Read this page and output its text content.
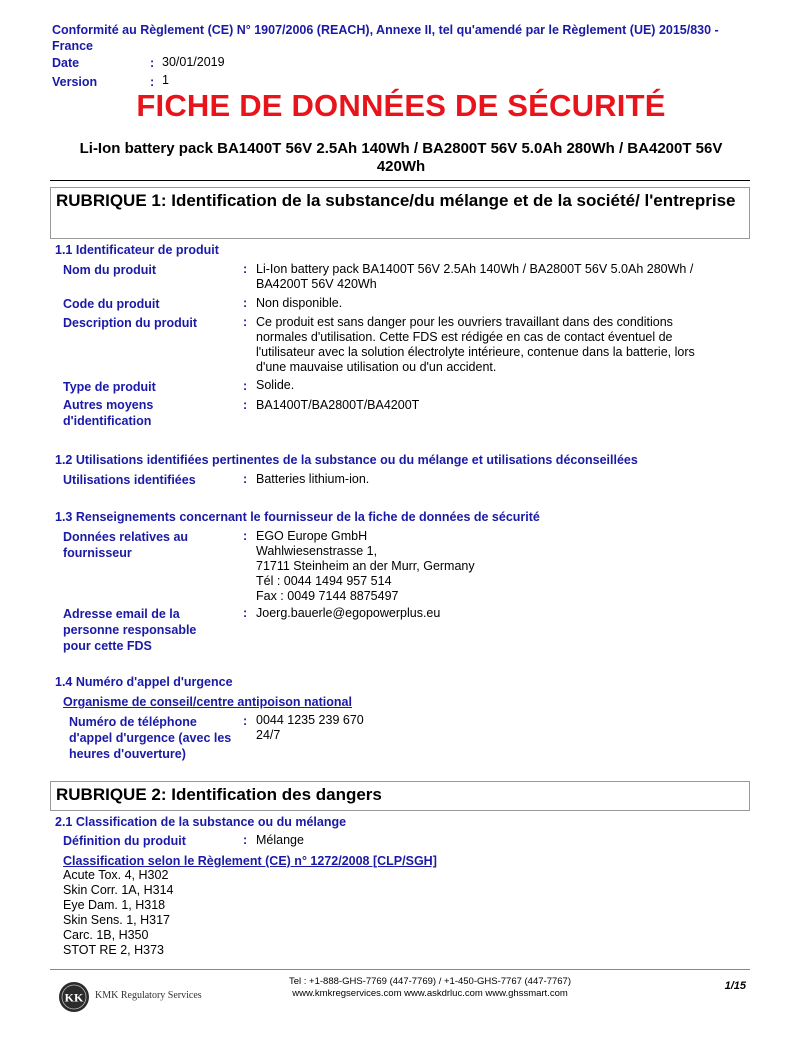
Conformité au Règlement (CE) N° 1907/2006 (REACH), Annexe II, tel qu'amendé par le Règlement (UE) 2015/830 - France
Date	: 30/01/2019
Version	: 1
FICHE DE DONNÉES DE SÉCURITÉ
Li-Ion battery pack BA1400T 56V 2.5Ah 140Wh / BA2800T 56V 5.0Ah 280Wh / BA4200T 56V 420Wh
RUBRIQUE 1: Identification de la substance/du mélange et de la société/ l'entreprise
1.1 Identificateur de produit
Nom du produit	: Li-Ion battery pack BA1400T 56V 2.5Ah 140Wh / BA2800T 56V 5.0Ah 280Wh / BA4200T 56V 420Wh
Code du produit	: Non disponible.
Description du produit	: Ce produit est sans danger pour les ouvriers travaillant dans des conditions normales d'utilisation. Cette FDS est rédigée en cas de contact éventuel de l'utilisateur avec la solution électrolyte intérieure, contenue dans la batterie, lors d'une mauvaise utilisation ou d'un accident.
Type de produit	: Solide.
Autres moyens d'identification
: BA1400T/BA2800T/BA4200T
1.2 Utilisations identifiées pertinentes de la substance ou du mélange et utilisations déconseillées
Utilisations identifiées	: Batteries lithium-ion.
1.3 Renseignements concernant le fournisseur de la fiche de données de sécurité
Données relatives au fournisseur
: EGO Europe GmbH
Wahlwiesenstrasse 1,
71711 Steinheim an der Murr, Germany
Tél : 0044 1494 957 514
Fax : 0049 7144 8875497
Adresse email de la personne responsable pour cette FDS
: Joerg.bauerle@egopowerplus.eu
1.4 Numéro d'appel d'urgence
Organisme de conseil/centre antipoison national
Numéro de téléphone d'appel d'urgence (avec les heures d'ouverture)
: 0044 1235 239 670
24/7
RUBRIQUE 2: Identification des dangers
2.1 Classification de la substance ou du mélange
Définition du produit	: Mélange
Classification selon le Règlement (CE) n° 1272/2008 [CLP/SGH]
Acute Tox. 4, H302
Skin Corr. 1A, H314
Eye Dam. 1, H318
Skin Sens. 1, H317
Carc. 1B, H350
STOT RE 2, H373
KK KMK Regulatory Services
Tel : +1-888-GHS-7769 (447-7769) / +1-450-GHS-7767 (447-7767)
www.kmkregservices.com www.askdrluc.com www.ghssmart.com
1/15
